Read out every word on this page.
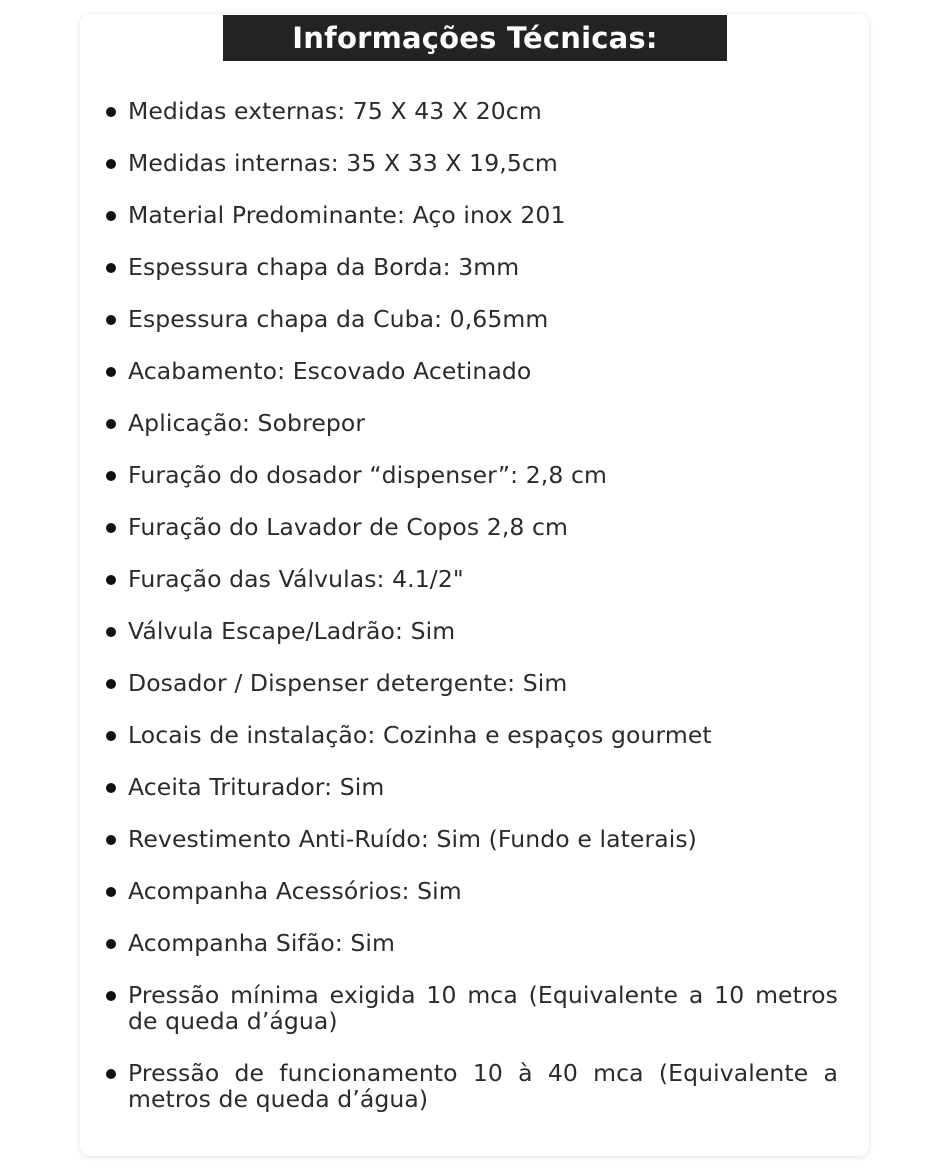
Informações Técnicas:
Medidas externas: 75 X 43 X 20cm
Medidas internas: 35 X 33 X 19,5cm
Material Predominante: Aço inox 201
Espessura chapa da Borda: 3mm
Espessura chapa da Cuba: 0,65mm
Acabamento: Escovado Acetinado
Aplicação: Sobrepor
Furação do dosador “dispenser”: 2,8 cm
Furação do Lavador de Copos 2,8 cm
Furação das Válvulas: 4.1/2"
Válvula Escape/Ladrão: Sim
Dosador / Dispenser detergente: Sim
Locais de instalação: Cozinha e espaços gourmet
Aceita Triturador: Sim
Revestimento Anti-Ruído: Sim (Fundo e laterais)
Acompanha Acessórios: Sim
Acompanha Sifão: Sim
Pressão mínima exigida 10 mca (Equivalente a 10 metros de queda d’água)
Pressão de funcionamento 10 à 40 mca (Equivalente a metros de queda d’água)
